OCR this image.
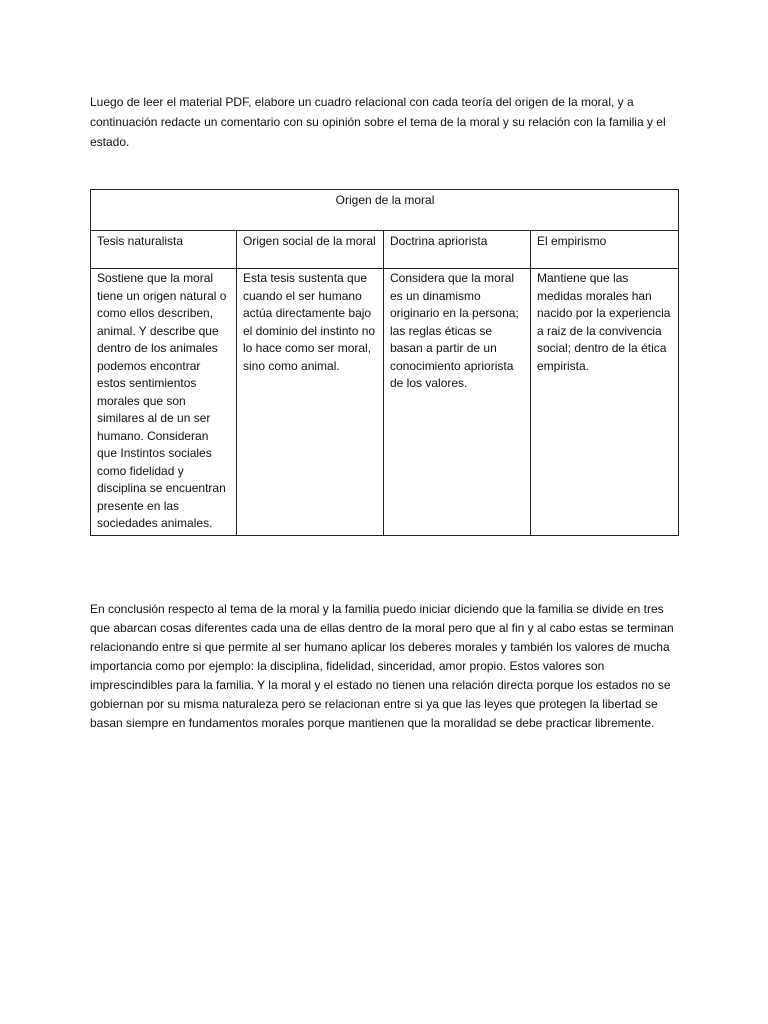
Luego de leer el material PDF, elabore un cuadro relacional con cada teoría del origen de la moral, y a continuación redacte un comentario con su opinión sobre el tema de la moral y su relación con la familia y el estado.

Origen de la moral			
Tesis naturalista	Origen social de la moral	Doctrina apriorista	El empirismo
Sostiene que la moral tiene un origen natural o como ellos describen, animal. Y describe que dentro de los animales podemos encontrar estos sentimientos morales que son similares al de un ser humano. Consideran que Instintos sociales como fidelidad y disciplina se encuentran presente en las sociedades animales.	Esta tesis sustenta que cuando el ser humano actúa directamente bajo el dominio del instinto no lo hace como ser moral, sino como animal.	Considera que la moral es un dinamismo originario en la persona; las reglas éticas se basan a partir de un conocimiento apriorista de los valores.	Mantiene que las medidas morales han nacido por la experiencia a raiz de la convivencia social; dentro de la ética empirista.

En conclusión respecto al tema de la moral y la familia puedo iniciar diciendo que la familia se divide en tres que abarcan cosas diferentes cada una de ellas dentro de la moral pero que al fin y al cabo estas se terminan relacionando entre si que permite al ser humano aplicar los deberes morales y también los valores de mucha importancia como por ejemplo: la disciplina, fidelidad, sinceridad, amor propio. Estos valores son imprescindibles para la familia. Y la moral y el estado no tienen una relación directa porque los estados no se gobiernan por su misma naturaleza pero se relacionan entre si ya que las leyes que protegen la libertad se basan siempre en fundamentos morales porque mantienen que la moralidad se debe practicar libremente.
